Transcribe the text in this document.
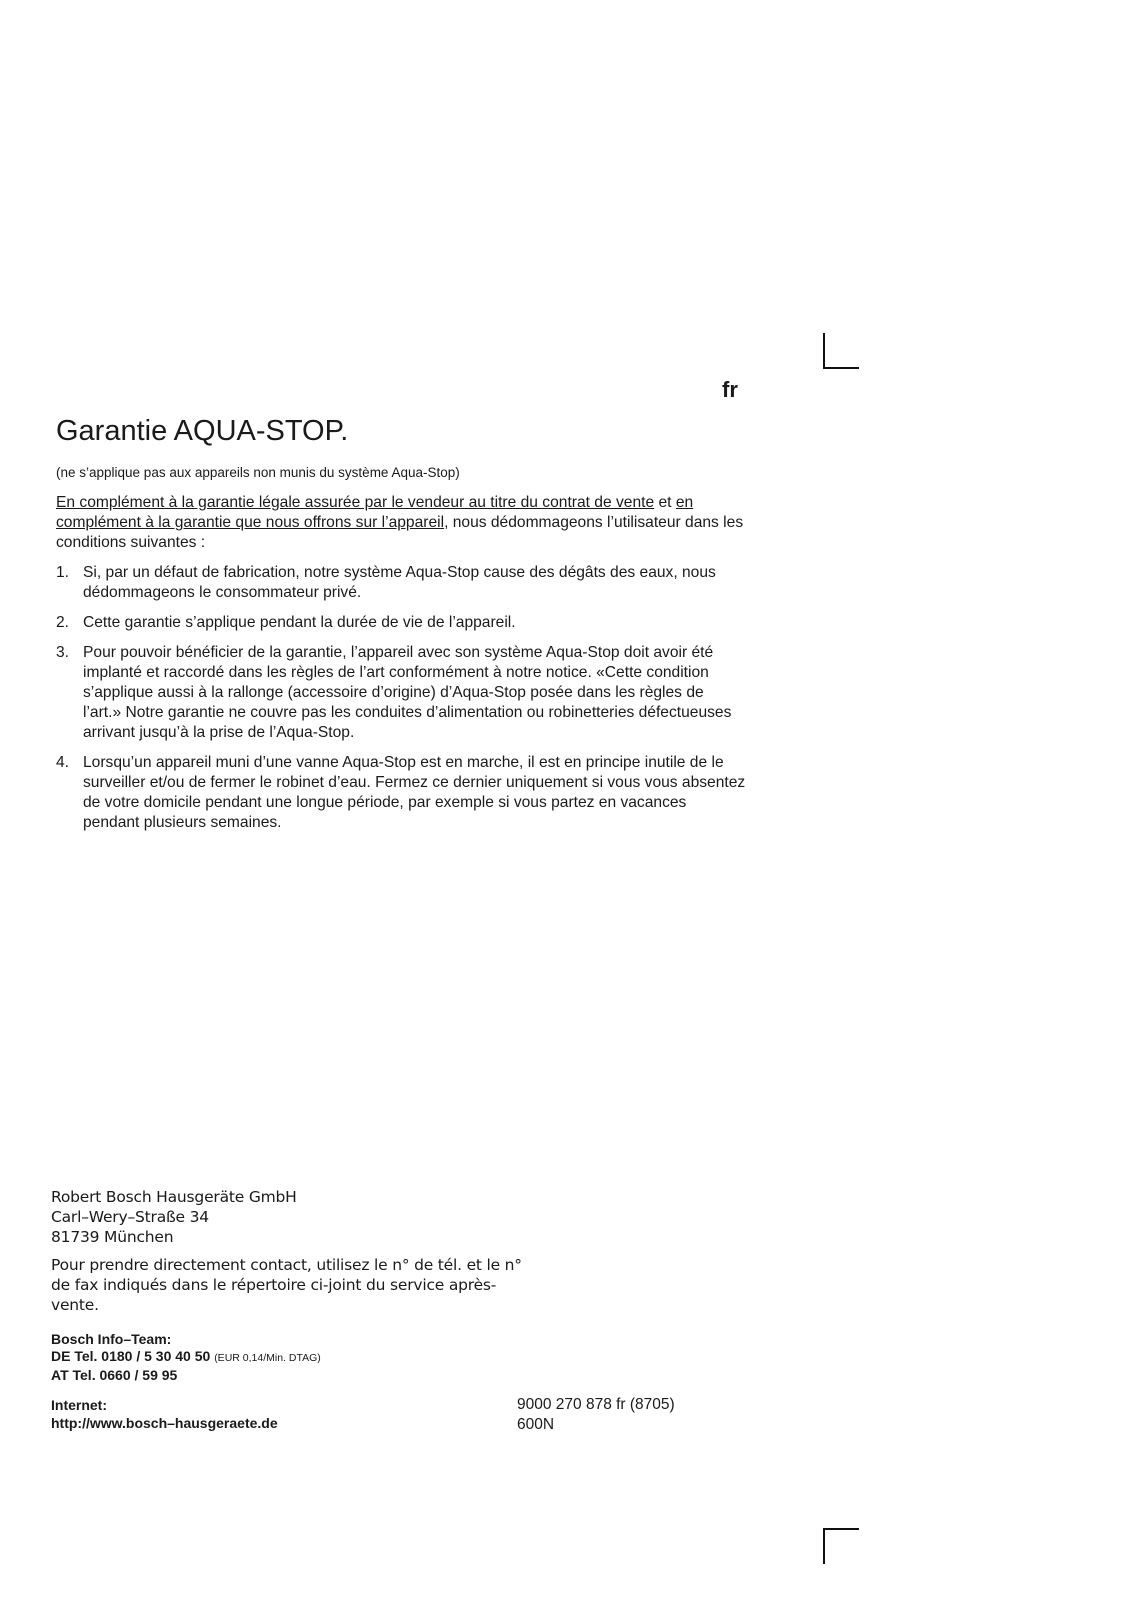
fr
Garantie AQUA-STOP.
(ne s’applique pas aux appareils non munis du système Aqua-Stop)

En complément à la garantie légale assurée par le vendeur au titre du contrat de vente et en complément à la garantie que nous offrons sur l’appareil, nous dédommageons l’utilisateur dans les conditions suivantes :

1. Si, par un défaut de fabrication, notre système Aqua-Stop cause des dégâts des eaux, nous dédommageons le consommateur privé.
2. Cette garantie s’applique pendant la durée de vie de l’appareil.
3. Pour pouvoir bénéficier de la garantie, l’appareil avec son système Aqua-Stop doit avoir été implanté et raccordé dans les règles de l’art conformément à notre notice. «Cette condition s’applique aussi à la rallonge (accessoire d’origine) d’Aqua-Stop posée dans les règles de l’art.» Notre garantie ne couvre pas les conduites d’alimentation ou robinetteries défectueuses arrivant jusqu’à la prise de l’Aqua-Stop.
4. Lorsqu’un appareil muni d’une vanne Aqua-Stop est en marche, il est en principe inutile de le surveiller et/ou de fermer le robinet d’eau. Fermez ce dernier uniquement si vous vous absentez de votre domicile pendant une longue période, par exemple si vous partez en vacances pendant plusieurs semaines.
Robert Bosch Hausgeräte GmbH
Carl–Wery–Straße 34
81739 München

Pour prendre directement contact, utilisez le n° de tél. et le n° de fax indiqués dans le répertoire ci-joint du service après-vente.

Bosch Info–Team:
DE Tel. 0180 / 5 30 40 50 (EUR 0,14/Min. DTAG)
AT Tel. 0660 / 59 95
Internet:
http://www.bosch–hausgeraete.de
9000 270 878 fr (8705)
600N
